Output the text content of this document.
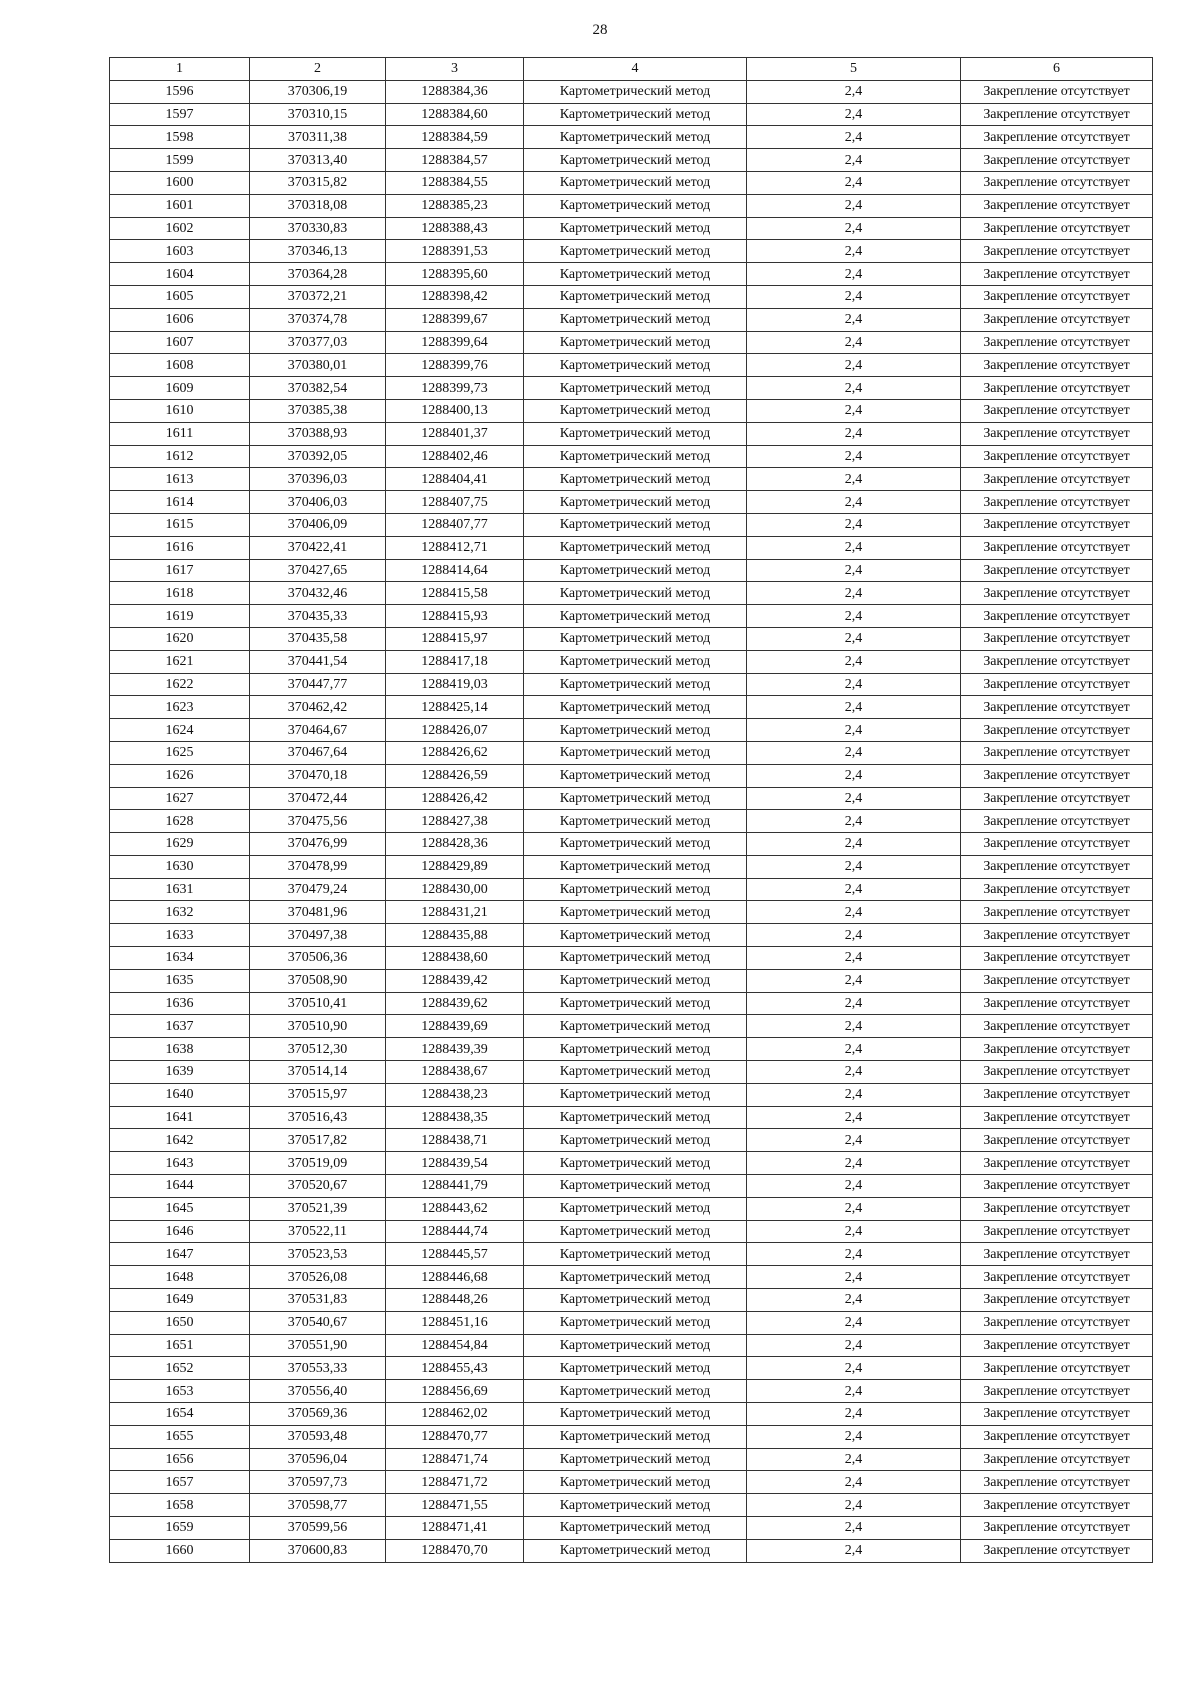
28
1	2	3	4	5	6
1596	370306,19	1288384,36	Картометрический метод	2,4	Закрепление отсутствует
1597	370310,15	1288384,60	Картометрический метод	2,4	Закрепление отсутствует
1598	370311,38	1288384,59	Картометрический метод	2,4	Закрепление отсутствует
1599	370313,40	1288384,57	Картометрический метод	2,4	Закрепление отсутствует
1600	370315,82	1288384,55	Картометрический метод	2,4	Закрепление отсутствует
1601	370318,08	1288385,23	Картометрический метод	2,4	Закрепление отсутствует
1602	370330,83	1288388,43	Картометрический метод	2,4	Закрепление отсутствует
1603	370346,13	1288391,53	Картометрический метод	2,4	Закрепление отсутствует
1604	370364,28	1288395,60	Картометрический метод	2,4	Закрепление отсутствует
1605	370372,21	1288398,42	Картометрический метод	2,4	Закрепление отсутствует
1606	370374,78	1288399,67	Картометрический метод	2,4	Закрепление отсутствует
1607	370377,03	1288399,64	Картометрический метод	2,4	Закрепление отсутствует
1608	370380,01	1288399,76	Картометрический метод	2,4	Закрепление отсутствует
1609	370382,54	1288399,73	Картометрический метод	2,4	Закрепление отсутствует
1610	370385,38	1288400,13	Картометрический метод	2,4	Закрепление отсутствует
1611	370388,93	1288401,37	Картометрический метод	2,4	Закрепление отсутствует
1612	370392,05	1288402,46	Картометрический метод	2,4	Закрепление отсутствует
1613	370396,03	1288404,41	Картометрический метод	2,4	Закрепление отсутствует
1614	370406,03	1288407,75	Картометрический метод	2,4	Закрепление отсутствует
1615	370406,09	1288407,77	Картометрический метод	2,4	Закрепление отсутствует
1616	370422,41	1288412,71	Картометрический метод	2,4	Закрепление отсутствует
1617	370427,65	1288414,64	Картометрический метод	2,4	Закрепление отсутствует
1618	370432,46	1288415,58	Картометрический метод	2,4	Закрепление отсутствует
1619	370435,33	1288415,93	Картометрический метод	2,4	Закрепление отсутствует
1620	370435,58	1288415,97	Картометрический метод	2,4	Закрепление отсутствует
1621	370441,54	1288417,18	Картометрический метод	2,4	Закрепление отсутствует
1622	370447,77	1288419,03	Картометрический метод	2,4	Закрепление отсутствует
1623	370462,42	1288425,14	Картометрический метод	2,4	Закрепление отсутствует
1624	370464,67	1288426,07	Картометрический метод	2,4	Закрепление отсутствует
1625	370467,64	1288426,62	Картометрический метод	2,4	Закрепление отсутствует
1626	370470,18	1288426,59	Картометрический метод	2,4	Закрепление отсутствует
1627	370472,44	1288426,42	Картометрический метод	2,4	Закрепление отсутствует
1628	370475,56	1288427,38	Картометрический метод	2,4	Закрепление отсутствует
1629	370476,99	1288428,36	Картометрический метод	2,4	Закрепление отсутствует
1630	370478,99	1288429,89	Картометрический метод	2,4	Закрепление отсутствует
1631	370479,24	1288430,00	Картометрический метод	2,4	Закрепление отсутствует
1632	370481,96	1288431,21	Картометрический метод	2,4	Закрепление отсутствует
1633	370497,38	1288435,88	Картометрический метод	2,4	Закрепление отсутствует
1634	370506,36	1288438,60	Картометрический метод	2,4	Закрепление отсутствует
1635	370508,90	1288439,42	Картометрический метод	2,4	Закрепление отсутствует
1636	370510,41	1288439,62	Картометрический метод	2,4	Закрепление отсутствует
1637	370510,90	1288439,69	Картометрический метод	2,4	Закрепление отсутствует
1638	370512,30	1288439,39	Картометрический метод	2,4	Закрепление отсутствует
1639	370514,14	1288438,67	Картометрический метод	2,4	Закрепление отсутствует
1640	370515,97	1288438,23	Картометрический метод	2,4	Закрепление отсутствует
1641	370516,43	1288438,35	Картометрический метод	2,4	Закрепление отсутствует
1642	370517,82	1288438,71	Картометрический метод	2,4	Закрепление отсутствует
1643	370519,09	1288439,54	Картометрический метод	2,4	Закрепление отсутствует
1644	370520,67	1288441,79	Картометрический метод	2,4	Закрепление отсутствует
1645	370521,39	1288443,62	Картометрический метод	2,4	Закрепление отсутствует
1646	370522,11	1288444,74	Картометрический метод	2,4	Закрепление отсутствует
1647	370523,53	1288445,57	Картометрический метод	2,4	Закрепление отсутствует
1648	370526,08	1288446,68	Картометрический метод	2,4	Закрепление отсутствует
1649	370531,83	1288448,26	Картометрический метод	2,4	Закрепление отсутствует
1650	370540,67	1288451,16	Картометрический метод	2,4	Закрепление отсутствует
1651	370551,90	1288454,84	Картометрический метод	2,4	Закрепление отсутствует
1652	370553,33	1288455,43	Картометрический метод	2,4	Закрепление отсутствует
1653	370556,40	1288456,69	Картометрический метод	2,4	Закрепление отсутствует
1654	370569,36	1288462,02	Картометрический метод	2,4	Закрепление отсутствует
1655	370593,48	1288470,77	Картометрический метод	2,4	Закрепление отсутствует
1656	370596,04	1288471,74	Картометрический метод	2,4	Закрепление отсутствует
1657	370597,73	1288471,72	Картометрический метод	2,4	Закрепление отсутствует
1658	370598,77	1288471,55	Картометрический метод	2,4	Закрепление отсутствует
1659	370599,56	1288471,41	Картометрический метод	2,4	Закрепление отсутствует
1660	370600,83	1288470,70	Картометрический метод	2,4	Закрепление отсутствует
